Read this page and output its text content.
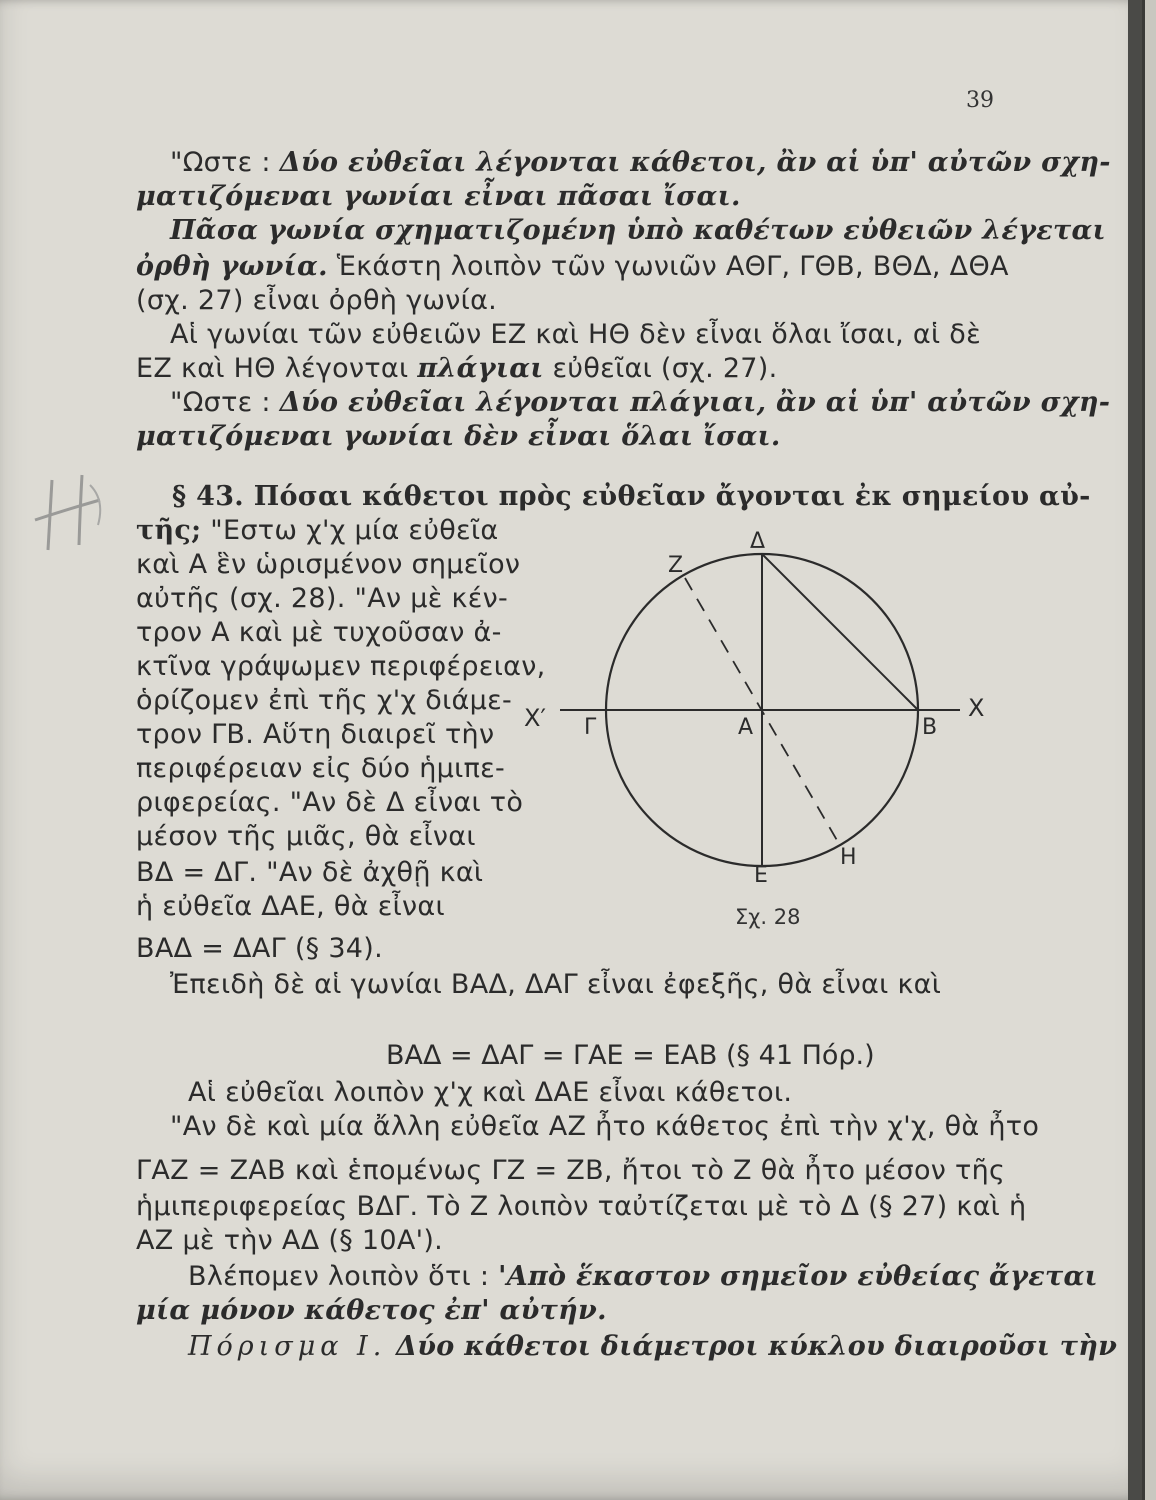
39
"Ωστε : Δύο εὐθεῖαι λέγονται κάθετοι, ἂν αἱ ὑπ' αὐτῶν σχη-
ματιζόμεναι γωνίαι εἶναι πᾶσαι ἴσαι.
Πᾶσα γωνία σχηματιζομένη ὑπὸ καθέτων εὐθειῶν λέγεται
ὀρθὴ γωνία. Ἑκάστη λοιπὸν τῶν γωνιῶν ΑΘΓ, ΓΘΒ, ΒΘΔ, ΔΘΑ
(σχ. 27) εἶναι ὀρθὴ γωνία.
Αἱ γωνίαι τῶν εὐθειῶν ΕΖ καὶ ΗΘ δὲν εἶναι ὅλαι ἴσαι, αἱ δὲ
ΕΖ καὶ ΗΘ λέγονται πλάγιαι εὐθεῖαι (σχ. 27).
"Ωστε : Δύο εὐθεῖαι λέγονται πλάγιαι, ἂν αἱ ὑπ' αὐτῶν σχη-
ματιζόμεναι γωνίαι δὲν εἶναι ὅλαι ἴσαι.
§ 43. Πόσαι κάθετοι πρὸς εὐθεῖαν ἄγονται ἐκ σημείου αὐ-
τῆς; "Εστω χ'χ μία εὐθεῖα
καὶ Α ἓν ὡρισμένον σημεῖον
αὐτῆς (σχ. 28). "Αν μὲ κέν-
τρον Α καὶ μὲ τυχοῦσαν ἀ-
κτῖνα γράψωμεν περιφέρειαν,
ὁρίζομεν ἐπὶ τῆς χ'χ διάμε-
τρον ΓΒ. Αὕτη διαιρεῖ τὴν
περιφέρειαν εἰς δύο ἡμιπε-
ριφερείας. "Αν δὲ Δ εἶναι τὸ
μέσον τῆς μιᾶς, θὰ εἶναι
ΒΔ = ΔΓ. "Αν δὲ ἀχθῇ καὶ
ἡ εὐθεῖα ΔΑΕ, θὰ εἶναι
ΒΑΔ = ΔΑΓ (§ 34).
Z
Δ
X′ Γ	A	B
X
E
H
Σχ. 28
Ἐπειδὴ δὲ αἱ γωνίαι ΒΑΔ, ΔΑΓ εἶναι ἐφεξῆς, θὰ εἶναι καὶ
ΒΑΔ = ΔΑΓ = ΓΑΕ = ΕΑΒ (§ 41 Πόρ.)
Αἱ εὐθεῖαι λοιπὸν χ'χ καὶ ΔΑΕ εἶναι κάθετοι.
"Αν δὲ καὶ μία ἄλλη εὐθεῖα ΑΖ ἦτο κάθετος ἐπὶ τὴν χ'χ, θὰ ἦτο
ΓΑΖ = ΖΑΒ καὶ ἑπομένως ΓΖ = ΖΒ, ἤτοι τὸ Ζ θὰ ἦτο μέσον τῆς
ἡμιπεριφερείας ΒΔΓ. Τὸ Ζ λοιπὸν ταὐτίζεται μὲ τὸ Δ (§ 27) καὶ ἡ
ΑΖ μὲ τὴν ΑΔ (§ 10Α').
Βλέπομεν λοιπὸν ὅτι : 'Απὸ ἕκαστον σημεῖον εὐθείας ἄγεται
μία μόνον κάθετος ἐπ' αὐτήν.
Πόρισμα Ι. Δύο κάθετοι διάμετροι κύκλου διαιροῦσι τὴν
